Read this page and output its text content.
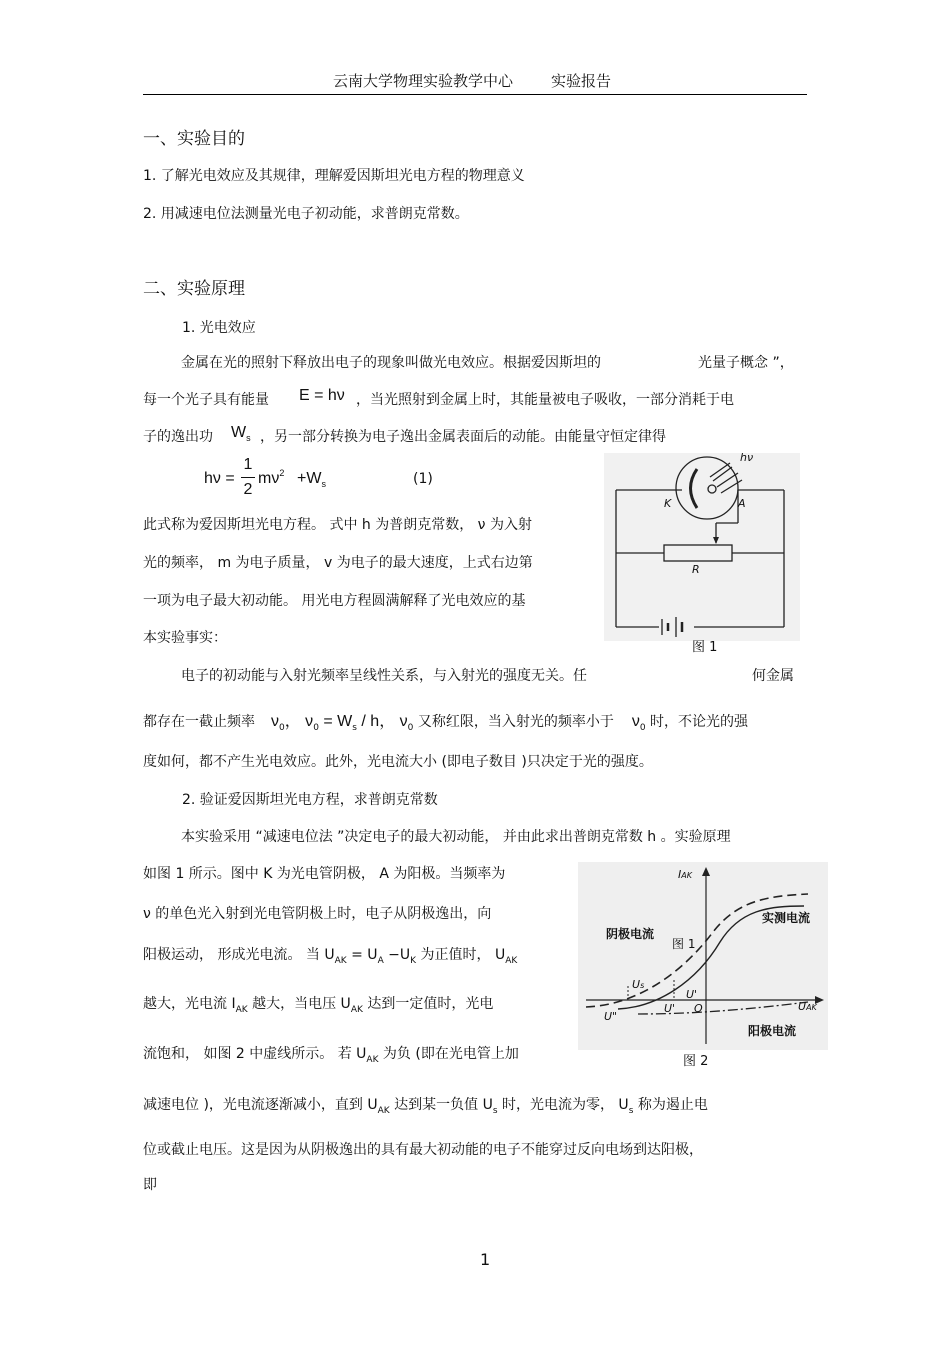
云南大学物理实验教学中心	实验报告
一、实验目的
1. 了解光电效应及其规律，理解爱因斯坦光电方程的物理意义
2. 用减速电位法测量光电子初动能，求普朗克常数。
二、实验原理
1. 光电效应
金属在光的照射下释放出电子的现象叫做光电效应。根据爱因斯坦的	光量子概念 ”，
每一个光子具有能量 E = hν ，当光照射到金属上时，其能量被电子吸收，一部分消耗于电
子的逸出功 $W_s$ ，另一部分转换为电子逸出金属表面后的动能。由能量守恒定律得
hν =
1
2
$m\nu^2 +W_s$	(1)
此式称为爱因斯坦光电方程。 式中 h 为普朗克常数， ν 为入射
光的频率， m 为电子质量， v 为电子的最大速度，上式右边第
一项为电子最大初动能。 用光电方程圆满解释了光电效应的基
本实验事实：
hν
K	A
R
图 1
电子的初动能与入射光频率呈线性关系，与入射光的强度无关。任	何金属
都存在一截止频率 $\nu_0$， $\nu_0 = W_s / h$， $\nu_0$ 又称红限，当入射光的频率小于 $\nu_0$ 时，不论光的强
度如何，都不产生光电效应。此外，光电流大小 (即电子数目 )只决定于光的强度。
2. 验证爱因斯坦光电方程，求普朗克常数
本实验采用 “减速电位法 ”决定电子的最大初动能， 并由此求出普朗克常数 h 。实验原理
如图 1 所示。图中 K 为光电管阴极， A 为阳极。当频率为
ν 的单色光入射到光电管阴极上时，电子从阴极逸出，向
阳极运动， 形成光电流。 当 $U_{AK} = U_A -U_K$ 为正值时， $U_{AK}$
越大，光电流 $I_{AK}$ 越大，当电压 $U_{AK}$ 达到一定值时，光电
流饱和， 如图 2 中虚线所示。 若 $U_{AK}$ 为负 (即在光电管上加
IAK
UAK
实测电流
阴极电流
图 1
阳极电流
Us
U'
U'
U"
O
图 2
减速电位 )，光电流逐渐减小，直到 $U_{AK}$ 达到某一负值 $U_s$ 时，光电流为零， $U_s$ 称为遏止电
位或截止电压。这是因为从阴极逸出的具有最大初动能的电子不能穿过反向电场到达阳极，
即
1
